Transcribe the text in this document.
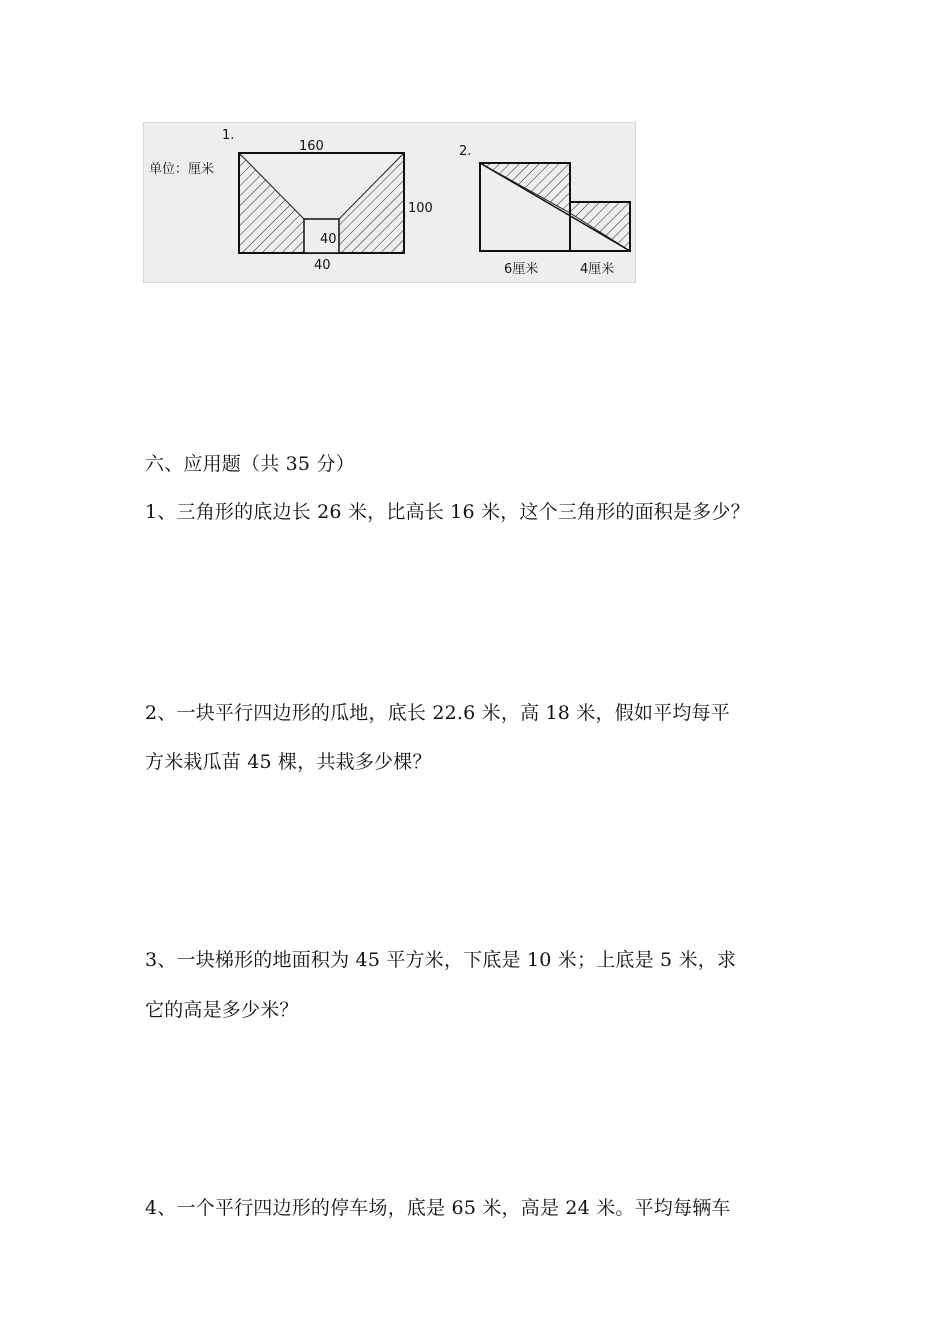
1.
单位：厘米
160
40
100
40
2.
6厘米	4厘米
六、应用题（共 35 分）
1、三角形的底边长 26 米，比高长 16 米，这个三角形的面积是多少？
2、一块平行四边形的瓜地，底长 22.6 米，高 18 米，假如平均每平
方米栽瓜苗 45 棵，共栽多少棵？
3、一块梯形的地面积为 45 平方米，下底是 10 米；上底是 5 米，求
它的高是多少米？
4、一个平行四边形的停车场，底是 65 米，高是 24 米。平均每辆车
